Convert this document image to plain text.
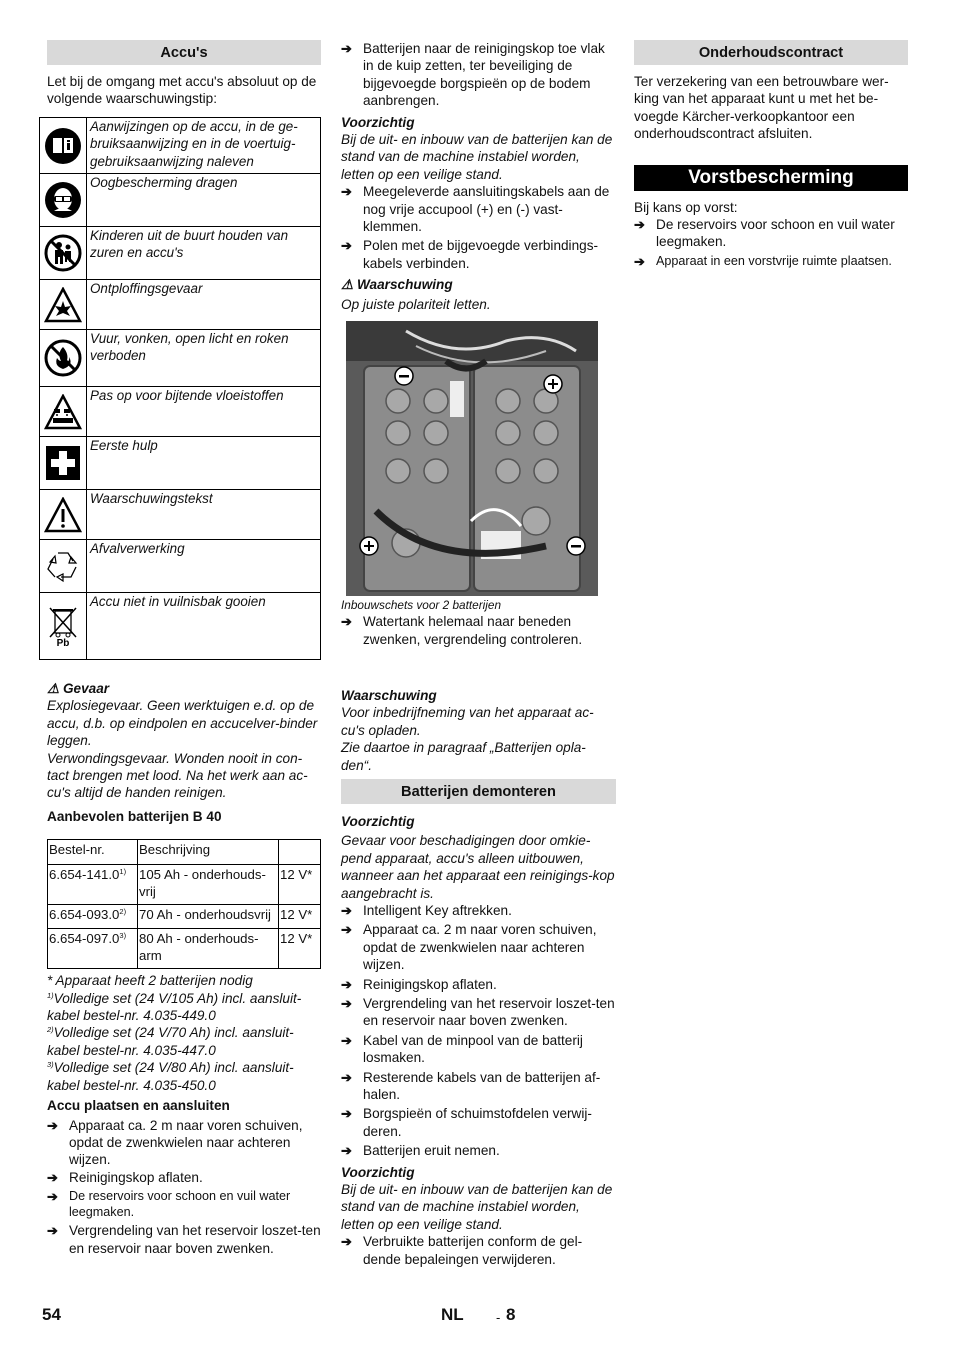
Accu's
Let bij de omgang met accu's absoluut op de volgende waarschuwingstip:
	Aanwijzingen op de accu, in de ge-bruiksaanwijzing en in de voertuig-gebruiksaanwijzing naleven

	Oogbescherming dragen

	Kinderen uit de buurt houden van zuren en accu's

	Ontploffingsgevaar

	Vuur, vonken, open licht en roken verboden

	Pas op voor bijtende vloeistoffen

	Eerste hulp

	Waarschuwingstekst

	Afvalverwerking

Pb	Accu niet in vuilnisbak gooien
⚠ Gevaar
Explosiegevaar. Geen werktuigen e.d. op de accu, d.b. op eindpolen en accucelver-binder leggen.
Verwondingsgevaar. Wonden nooit in con-tact brengen met lood. Na het werk aan ac-cu's altijd de handen reinigen.
Aanbevolen batterijen B 40
Bestel-nr.	Beschrijving	
6.654-141.0$^{1)}$	105 Ah - onderhouds-vrij	12 V*
6.654-093.0$^{2)}$	70 Ah - onderhoudsvrij	12 V*
6.654-097.0$^{3)}$	80 Ah - onderhouds-arm	12 V*
* Apparaat heeft 2 batterijen nodig
$^{1)}$Volledige set (24 V/105 Ah) incl. aansluit-kabel bestel-nr. 4.035-449.0
$^{2)}$Volledige set (24 V/70 Ah) incl. aansluit-kabel bestel-nr. 4.035-447.0
$^{3)}$Volledige set (24 V/80 Ah) incl. aansluit-kabel bestel-nr. 4.035-450.0
Accu plaatsen en aansluiten
➔ Apparaat ca. 2 m naar voren schuiven, opdat de zwenkwielen naar achteren wijzen.
➔ Reinigingskop aflaten.
➔ De reservoirs voor schoon en vuil water leegmaken.
➔ Vergrendeling van het reservoir loszet-ten en reservoir naar boven zwenken.
➔ Batterijen naar de reinigingskop toe vlak in de kuip zetten, ter beveiliging de bijgevoegde borgspieën op de bodem aanbrengen.
Voorzichtig
Bij de uit- en inbouw van de batterijen kan de stand van de machine instabiel worden, letten op een veilige stand.
➔ Meegeleverde aansluitingskabels aan de nog vrije accupool (+) en (-) vast-klemmen.
➔ Polen met de bijgevoegde verbindings-kabels verbinden.
⚠ Waarschuwing
Op juiste polariteit letten.
Inbouwschets voor 2 batterijen
➔ Watertank helemaal naar beneden zwenken, vergrendeling controleren.
Waarschuwing
Voor inbedrijfneming van het apparaat ac-cu's opladen.
Zie daartoe in paragraaf „Batterijen opla-den“.
Batterijen demonteren
Voorzichtig
Gevaar voor beschadigingen door omkie-pend apparaat, accu's alleen uitbouwen, wanneer aan het apparaat een reinigings-kop aangebracht is.
➔ Intelligent Key aftrekken.
➔ Apparaat ca. 2 m naar voren schuiven, opdat de zwenkwielen naar achteren wijzen.
➔ Reinigingskop aflaten.
➔ Vergrendeling van het reservoir loszet-ten en reservoir naar boven zwenken.
➔ Kabel van de minpool van de batterij losmaken.
➔ Resterende kabels van de batterijen af-halen.
➔ Borgspieën of schuimstofdelen verwij-deren.
➔ Batterijen eruit nemen.
Voorzichtig
Bij de uit- en inbouw van de batterijen kan de stand van de machine instabiel worden, letten op een veilige stand.
➔ Verbruikte batterijen conform de gel-dende bepaleingen verwijderen.
Onderhoudscontract
Ter verzekering van een betrouwbare wer-king van het apparaat kunt u met het be-voegde Kärcher-verkoopkantoor een onderhoudscontract afsluiten.
Vorstbescherming
Bij kans op vorst:
➔ De reservoirs voor schoon en vuil water leegmaken.
➔ Apparaat in een vorstvrije ruimte plaatsen.
54	NL - 8
